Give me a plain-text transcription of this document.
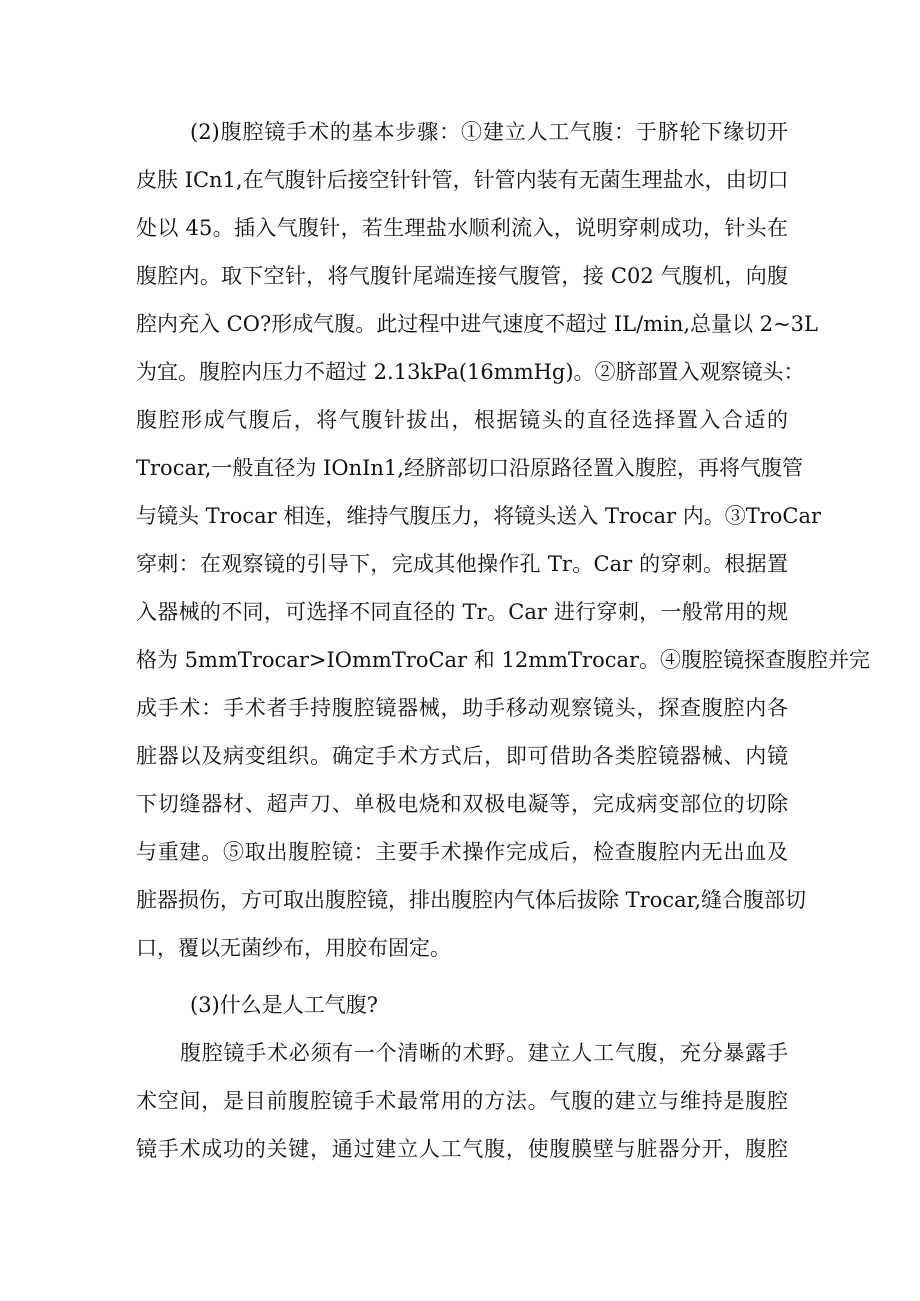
(2)腹腔镜手术的基本步骤：①建立人工气腹：于脐轮下缘切开
皮肤 ICn1,在气腹针后接空针针管，针管内装有无菌生理盐水，由切口
处以 45。插入气腹针，若生理盐水顺利流入，说明穿刺成功，针头在
腹腔内。取下空针，将气腹针尾端连接气腹管，接 C02 气腹机，向腹
腔内充入 CO?形成气腹。此过程中进气速度不超过 IL/min,总量以 2~3L
为宜。腹腔内压力不超过 2.13kPa(16mmHg)。②脐部置入观察镜头：
腹腔形成气腹后，将气腹针拔出，根据镜头的直径选择置入合适的
Trocar,一般直径为 IOnIn1,经脐部切口沿原路径置入腹腔，再将气腹管
与镜头 Trocar 相连，维持气腹压力，将镜头送入 Trocar 内。③TroCar
穿刺：在观察镜的引导下，完成其他操作孔 Tr。Car 的穿刺。根据置
入器械的不同，可选择不同直径的 Tr。Car 进行穿刺，一般常用的规
格为 5mmTrocar>IOmmTroCar 和 12mmTrocar。④腹腔镜探查腹腔并完
成手术：手术者手持腹腔镜器械，助手移动观察镜头，探查腹腔内各
脏器以及病变组织。确定手术方式后，即可借助各类腔镜器械、内镜
下切缝器材、超声刀、单极电烧和双极电凝等，完成病变部位的切除
与重建。⑤取出腹腔镜：主要手术操作完成后，检查腹腔内无出血及
脏器损伤，方可取出腹腔镜，排出腹腔内气体后拔除 Trocar,缝合腹部切
口，覆以无菌纱布，用胶布固定。
(3)什么是人工气腹?
腹腔镜手术必须有一个清晰的术野。建立人工气腹，充分暴露手
术空间，是目前腹腔镜手术最常用的方法。气腹的建立与维持是腹腔
镜手术成功的关键，通过建立人工气腹，使腹膜壁与脏器分开，腹腔
